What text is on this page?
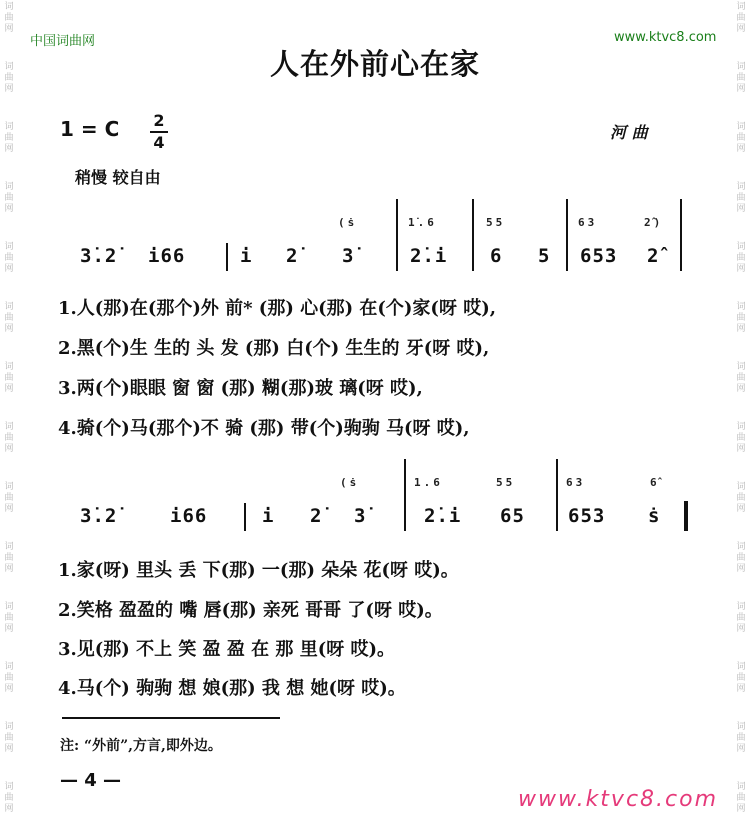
词
曲
网
词
曲
网
词
曲
网
词
曲
网
词
曲
网
词
曲
网
词
曲
网
词
曲
网
词
曲
网
词
曲
网
词
曲
网
词
曲
网
词
曲
网
词
曲
网
词
曲
网
词
曲
网
词
曲
网
词
曲
网
词
曲
网
词
曲
网
词
曲
网
词
曲
网
词
曲
网
词
曲
网
词
曲
网
词
曲
网
词
曲
网
词
曲
网
中国词曲网	www.ktvc8.com
人在外前心在家
1 = C 2
4
河 曲
稍慢 较自由
(ṡ	1̇.6	55	63	2̂)
3̇.2̇ i66	i 2̇ 3̇	2̇.i 6 5 653 2̂
1.人(那)在(那个)外 前* (那) 心(那) 在(个)家(呀 哎),
2.黑(个)生 生的 头 发 (那) 白(个) 生生的 牙(呀 哎),
3.两(个)眼眼 窗 窗 (那) 糊(那)玻 璃(呀 哎),
4.骑(个)马(那个)不 骑 (那) 带(个)驹驹 马(呀 哎),
(ṡ	1.6	55	63	6̂
3̇.2̇	i66	i 2̇ 3̇	2̇.i 65 653 ṡ
1.家(呀) 里头 丢 下(那) 一(那) 朵朵 花(呀 哎)。
2.笑格 盈盈的 嘴 唇(那) 亲死 哥哥 了(呀 哎)。
3.见(那) 不上 笑 盈 盈 在 那 里(呀 哎)。
4.马(个) 驹驹 想 娘(那) 我 想 她(呀 哎)。
注: “外前”,方言,即外边。
— 4 —
www.ktvc8.com
